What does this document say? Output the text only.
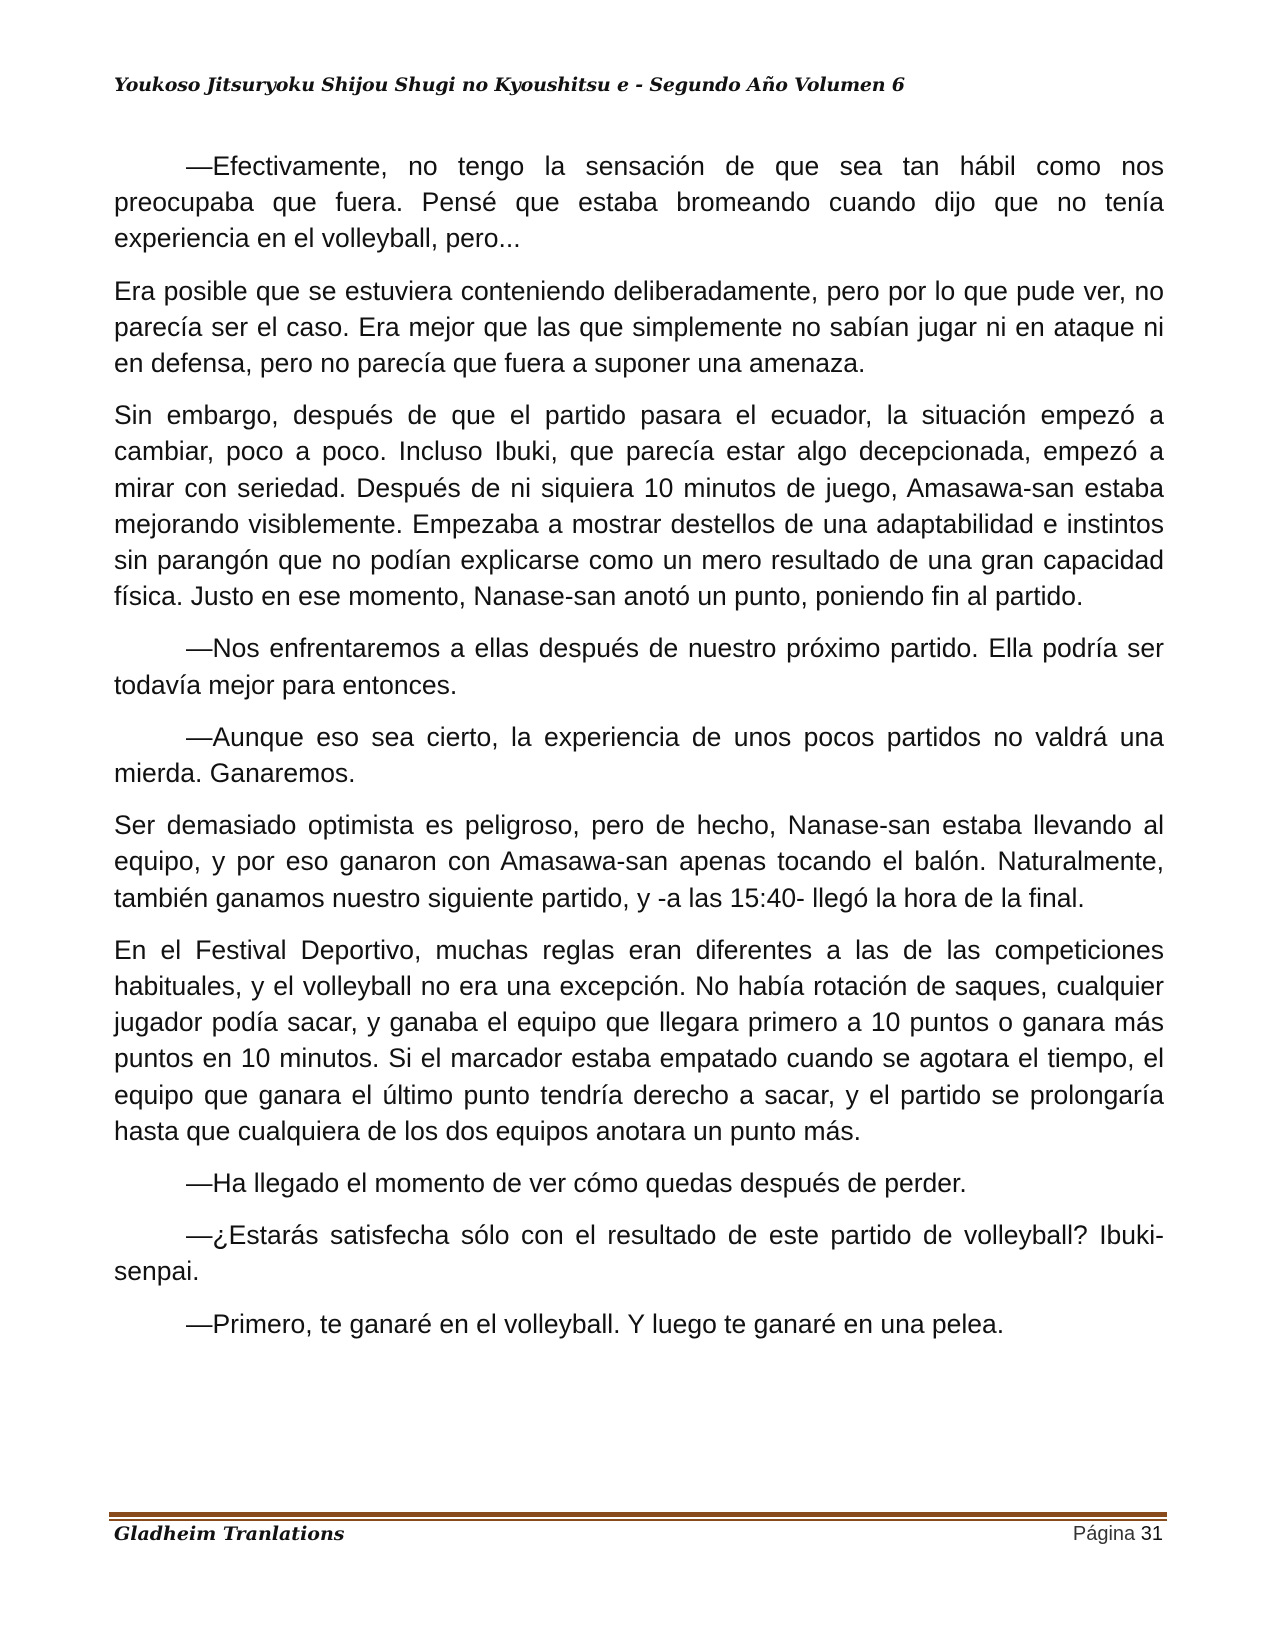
Youkoso Jitsuryoku Shijou Shugi no Kyoushitsu e - Segundo Año Volumen 6

—Efectivamente, no tengo la sensación de que sea tan hábil como nos preocupaba que fuera. Pensé que estaba bromeando cuando dijo que no tenía experiencia en el volleyball, pero...

Era posible que se estuviera conteniendo deliberadamente, pero por lo que pude ver, no parecía ser el caso. Era mejor que las que simplemente no sabían jugar ni en ataque ni en defensa, pero no parecía que fuera a suponer una amenaza.

Sin embargo, después de que el partido pasara el ecuador, la situación empezó a cambiar, poco a poco. Incluso Ibuki, que parecía estar algo decepcionada, empezó a mirar con seriedad. Después de ni siquiera 10 minutos de juego, Amasawa-san estaba mejorando visiblemente. Empezaba a mostrar destellos de una adaptabilidad e instintos sin parangón que no podían explicarse como un mero resultado de una gran capacidad física. Justo en ese momento, Nanase-san anotó un punto, poniendo fin al partido.

—Nos enfrentaremos a ellas después de nuestro próximo partido. Ella podría ser todavía mejor para entonces.

—Aunque eso sea cierto, la experiencia de unos pocos partidos no valdrá una mierda. Ganaremos.

Ser demasiado optimista es peligroso, pero de hecho, Nanase-san estaba llevando al equipo, y por eso ganaron con Amasawa-san apenas tocando el balón. Naturalmente, también ganamos nuestro siguiente partido, y -a las 15:40- llegó la hora de la final.

En el Festival Deportivo, muchas reglas eran diferentes a las de las competiciones habituales, y el volleyball no era una excepción. No había rotación de saques, cualquier jugador podía sacar, y ganaba el equipo que llegara primero a 10 puntos o ganara más puntos en 10 minutos. Si el marcador estaba empatado cuando se agotara el tiempo, el equipo que ganara el último punto tendría derecho a sacar, y el partido se prolongaría hasta que cualquiera de los dos equipos anotara un punto más.

—Ha llegado el momento de ver cómo quedas después de perder.

—¿Estarás satisfecha sólo con el resultado de este partido de volleyball? Ibuki-senpai.

—Primero, te ganaré en el volleyball. Y luego te ganaré en una pelea.

Gladheim Tranlations	Página 31
